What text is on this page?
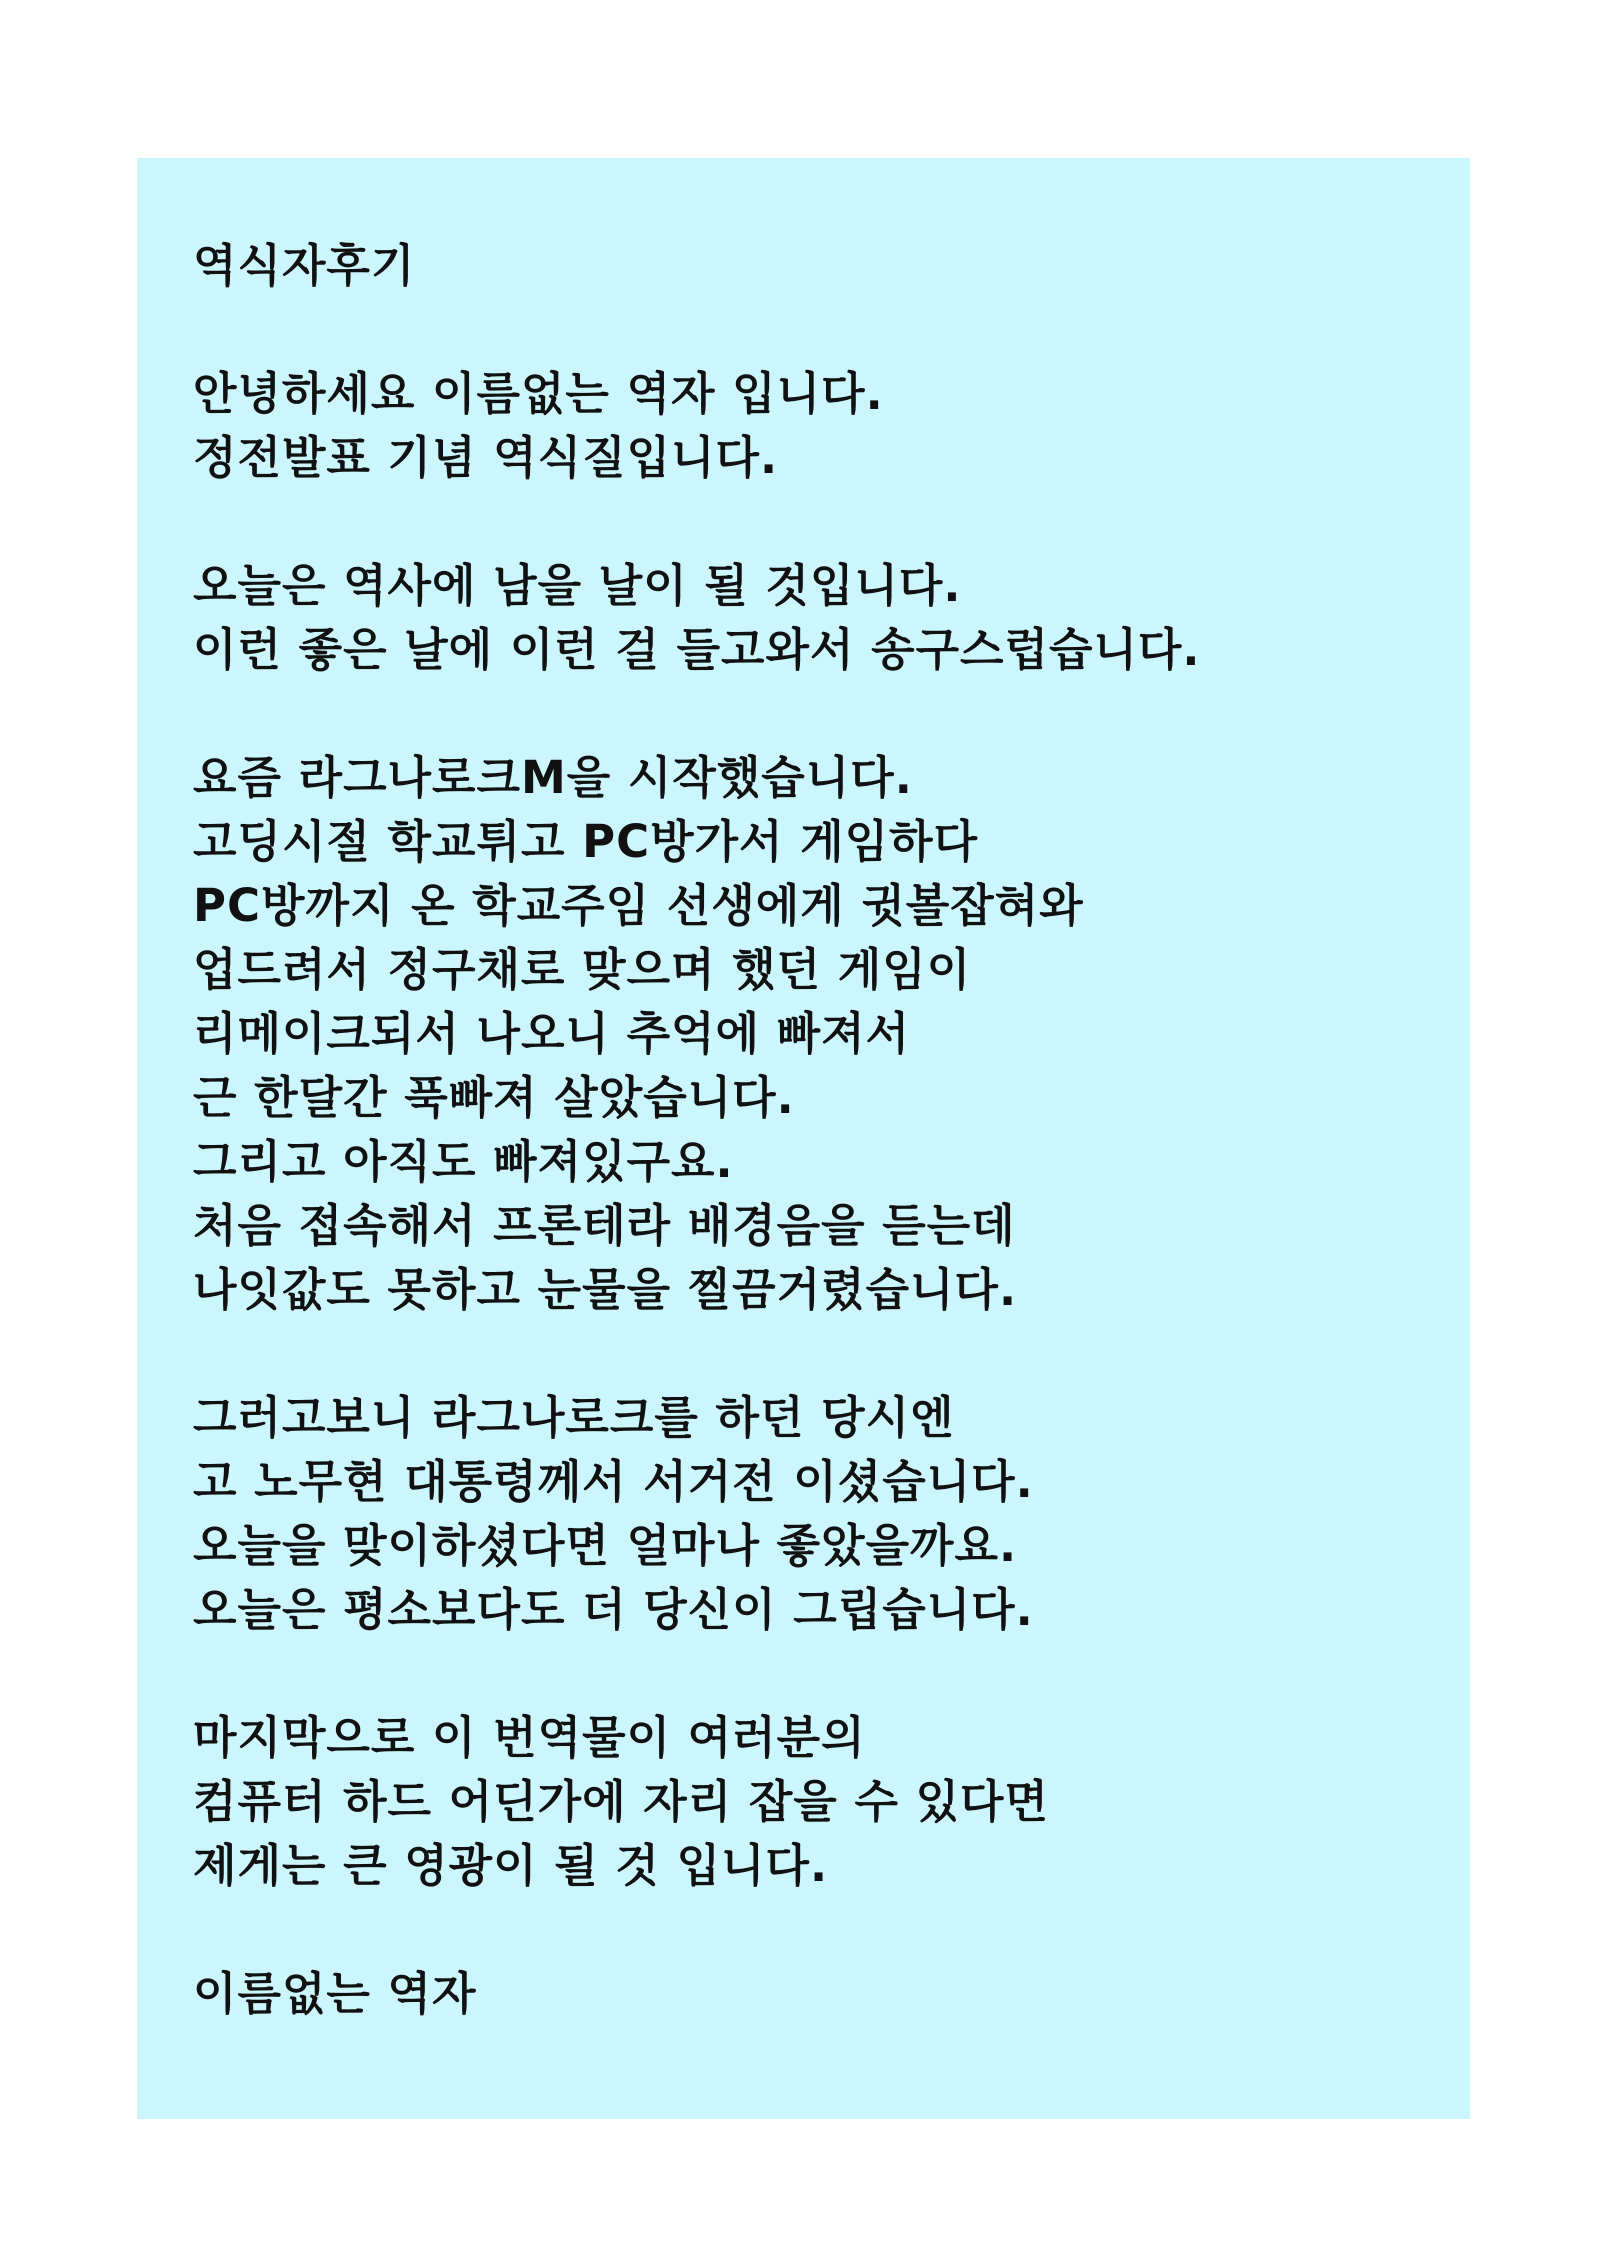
역식자후기
안녕하세요 이름없는 역자 입니다.
정전발표 기념 역식질입니다.
오늘은 역사에 남을 날이 될 것입니다.
이런 좋은 날에 이런 걸 들고와서 송구스럽습니다.
요즘 라그나로크M을 시작했습니다.
고딩시절 학교튀고 PC방가서 게임하다
PC방까지 온 학교주임 선생에게 귓볼잡혀와
업드려서 정구채로 맞으며 했던 게임이
리메이크되서 나오니 추억에 빠져서
근 한달간 푹빠져 살았습니다.
그리고 아직도 빠져있구요.
처음 접속해서 프론테라 배경음을 듣는데
나잇값도 못하고 눈물을 찔끔거렸습니다.
그러고보니 라그나로크를 하던 당시엔
고 노무현 대통령께서 서거전 이셨습니다.
오늘을 맞이하셨다면 얼마나 좋았을까요.
오늘은 평소보다도 더 당신이 그립습니다.
마지막으로 이 번역물이 여러분의
컴퓨터 하드 어딘가에 자리 잡을 수 있다면
제게는 큰 영광이 될 것 입니다.
이름없는 역자
